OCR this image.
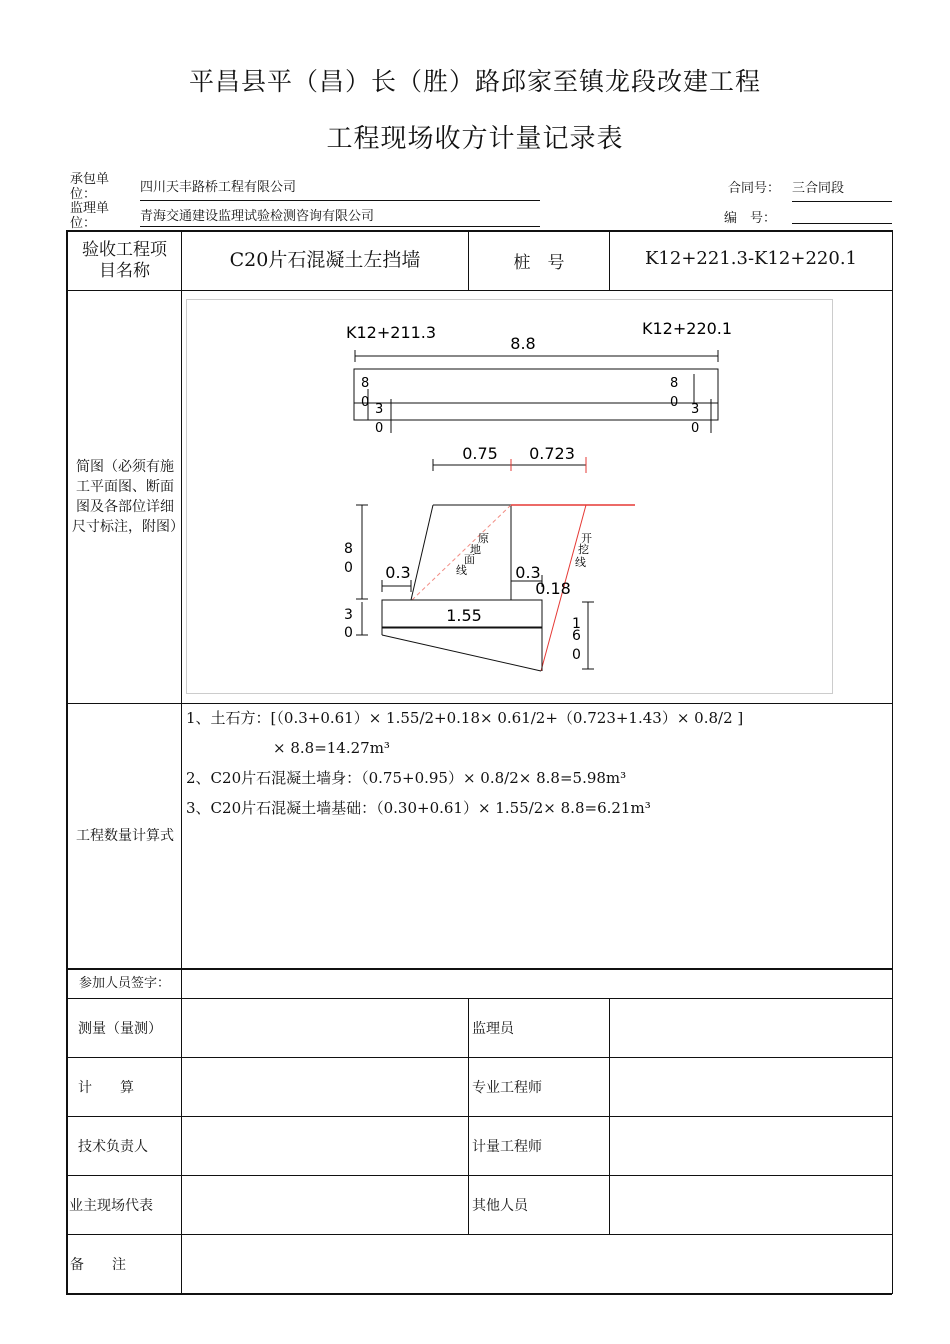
平昌县平（昌）长（胜）路邱家至镇龙段改建工程
工程现场收方计量记录表
承包单位：	四川天丰路桥工程有限公司
监理单位：	青海交通建设监理试验检测咨询有限公司
合同号： 三合同段
编　号：
验收工程项目名称	C20片石混凝土左挡墙	桩　号	K12+221.3-K12+220.1
简图（必须有施工平面图、断面图及各部位详细尺寸标注，附图）
K12+211.3	K12+220.1
8.8
8
0 3
0
8
0 3
0
0.75 0.723
8
0
3
0
0.3	0.3
0.18
1.55	1
6
0
原
地
面
线
开
挖
线
工程数量计算式
1、土石方：[（0.3+0.61）× 1.55/2+0.18× 0.61/2+（0.723+1.43）× 0.8/2 ]
× 8.8=14.27m³
2、C20片石混凝土墙身：（0.75+0.95）× 0.8/2× 8.8=5.98m³
3、C20片石混凝土墙基础：（0.30+0.61）× 1.55/2× 8.8=6.21m³
参加人员签字：
测量（量测）	监理员
计　　算	专业工程师
技术负责人	计量工程师
业主现场代表	其他人员
备　　注
